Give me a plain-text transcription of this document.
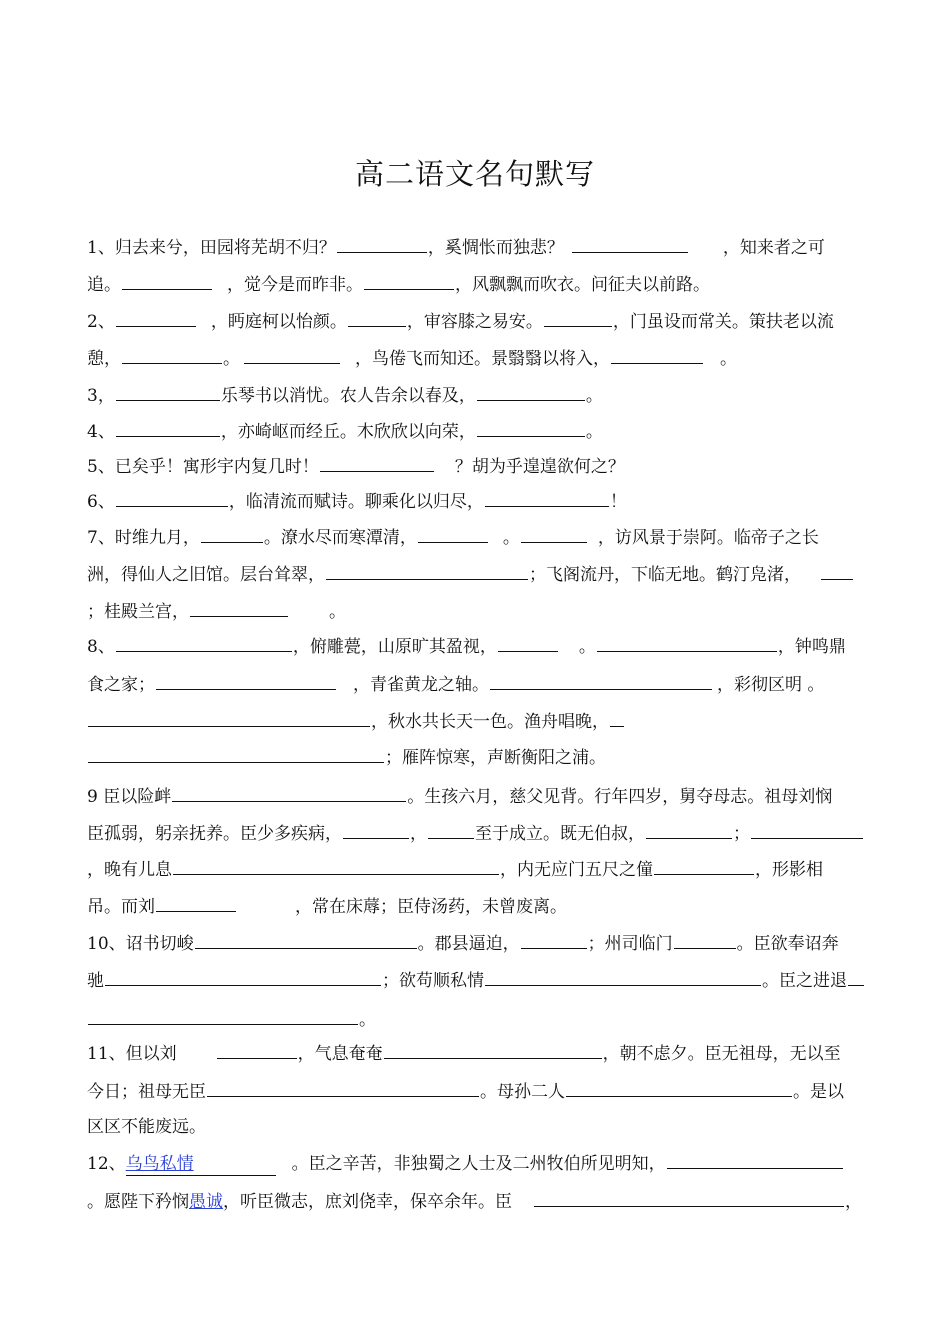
高二语文名句默写
1、归去来兮，田园将芜胡不归？	，奚惆怅而独悲？	，知来者之可
追。	，觉今是而昨非。	，风飘飘而吹衣。问征夫以前路。
2、	，眄庭柯以怡颜。	，审容膝之易安。	，门虽设而常关。策扶老以流
憩，	。	，鸟倦飞而知还。景翳翳以将入，	。
3，	乐琴书以消忧。农人告余以春及，	。
4、	，亦崎岖而经丘。木欣欣以向荣，	。
5、已矣乎！寓形宇内复几时！	？胡为乎遑遑欲何之？
6、	，临清流而赋诗。聊乘化以归尽，	！
7、时维九月，	。潦水尽而寒潭清，	。	，访风景于崇阿。临帝子之长
洲，得仙人之旧馆。层台耸翠，	；飞阁流丹，下临无地。鹤汀凫渚，
；桂殿兰宫，	。
8、	，俯雕甍，山原旷其盈视，	。	，钟鸣鼎
食之家；	，青雀黄龙之轴。	，彩彻区明 。
，秋水共长天一色。渔舟唱晚，
；雁阵惊寒，声断衡阳之浦。
9 臣以险衅	。生孩六月，慈父见背。行年四岁，舅夺母志。祖母刘悯
臣孤弱，躬亲抚养。臣少多疾病，	，	至于成立。既无伯叔，	；
，晚有儿息	，内无应门五尺之僮	，形影相
吊。而刘	，常在床蓐；臣侍汤药，未曾废离。
10、诏书切峻	。郡县逼迫，	；州司临门	。臣欲奉诏奔
驰	；欲苟顺私情	。臣之进退
。
11、但以刘	，气息奄奄	，朝不虑夕。臣无祖母，无以至
今日；祖母无臣	。母孙二人	。是以
区区不能废远。
12、乌鸟私情	。臣之辛苦，非独蜀之人士及二州牧伯所见明知，
。愿陛下矜悯愚诚，听臣微志，庶刘侥幸，保卒余年。臣	，
